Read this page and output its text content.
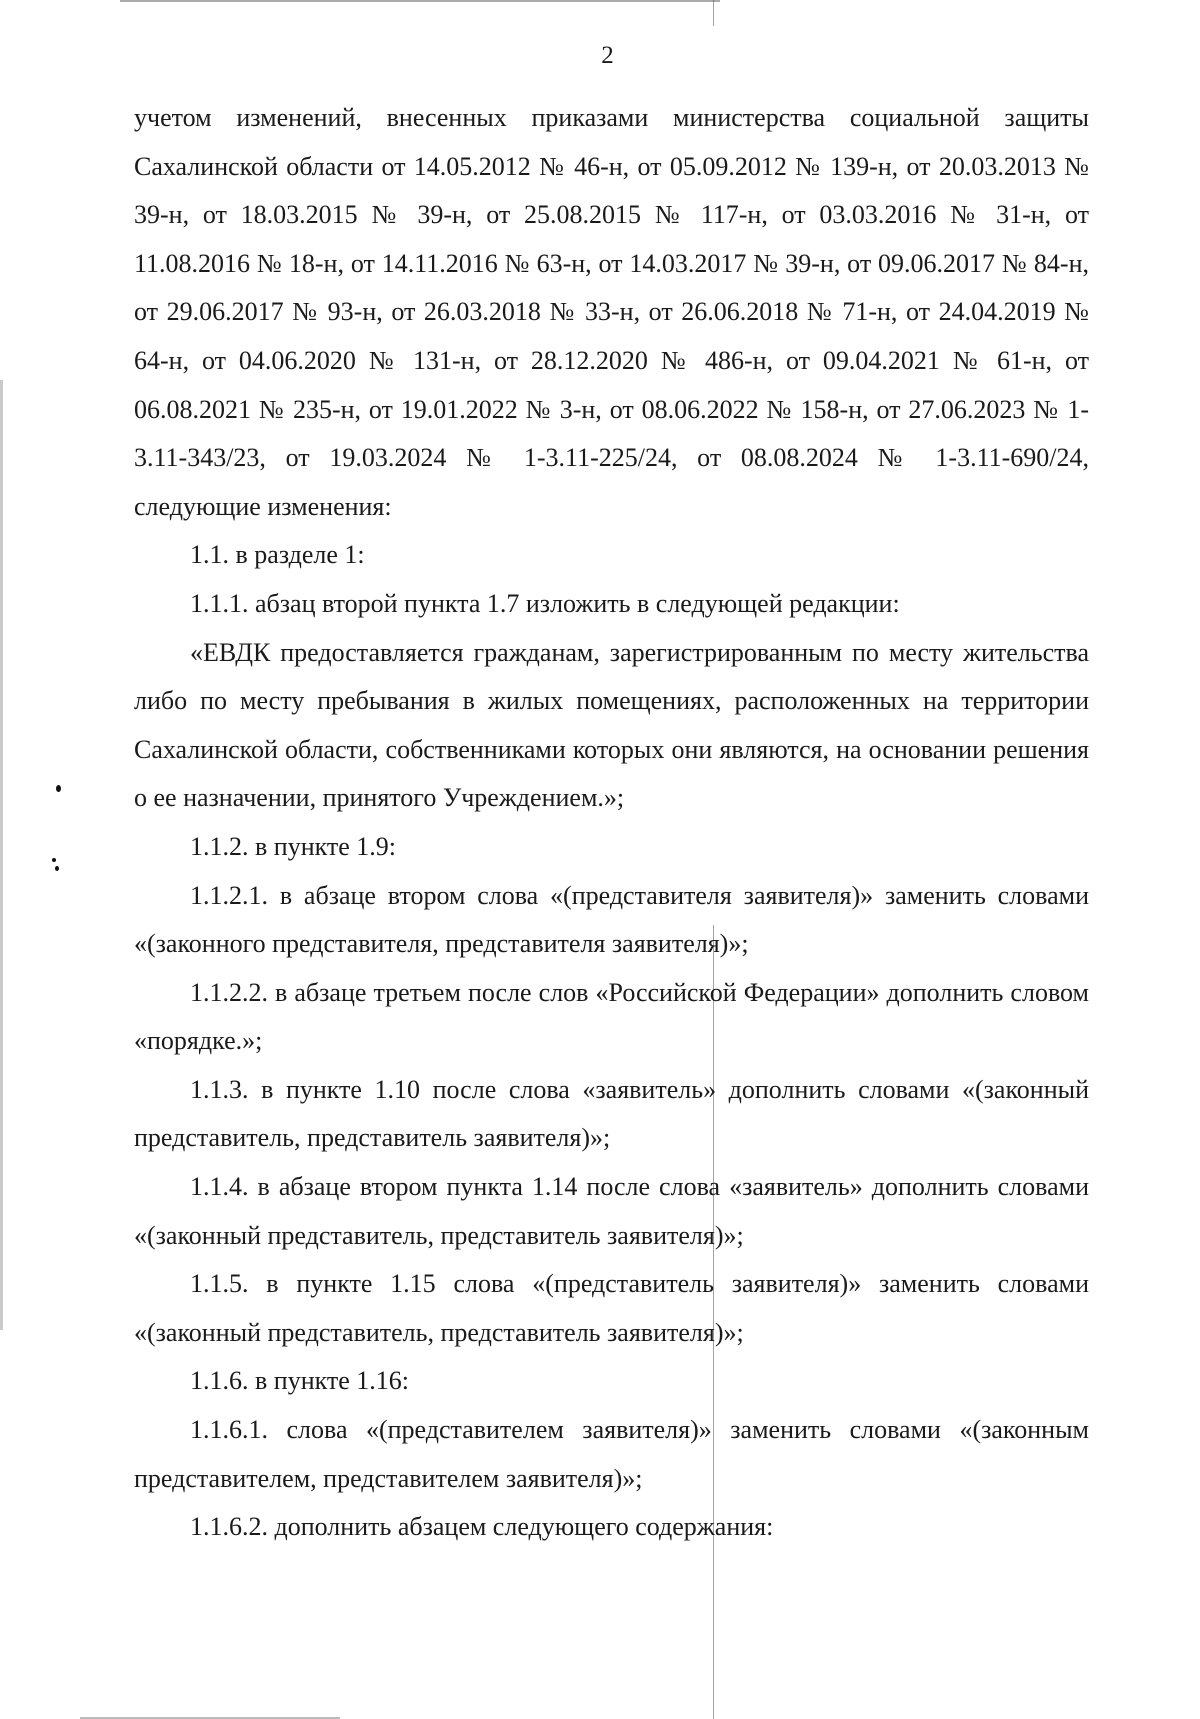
2

учетом изменений, внесенных приказами министерства социальной защиты Сахалинской области от 14.05.2012 № 46-н, от 05.09.2012 № 139-н, от 20.03.2013 № 39-н, от 18.03.2015 № 39-н, от 25.08.2015 № 117-н, от 03.03.2016 № 31-н, от 11.08.2016 № 18-н, от 14.11.2016 № 63-н, от 14.03.2017 № 39-н, от 09.06.2017 № 84-н, от 29.06.2017 № 93-н, от 26.03.2018 № 33-н, от 26.06.2018 № 71-н, от 24.04.2019 № 64-н, от 04.06.2020 № 131-н, от 28.12.2020 № 486-н, от 09.04.2021 № 61-н, от 06.08.2021 № 235-н, от 19.01.2022 № 3-н, от 08.06.2022 № 158-н, от 27.06.2023 № 1-3.11-343/23, от 19.03.2024 № 1-3.11-225/24, от 08.08.2024 № 1-3.11-690/24, следующие изменения:

1.1. в разделе 1:

1.1.1. абзац второй пункта 1.7 изложить в следующей редакции:

«ЕВДК предоставляется гражданам, зарегистрированным по месту жительства либо по месту пребывания в жилых помещениях, расположенных на территории Сахалинской области, собственниками которых они являются, на основании решения о ее назначении, принятого Учреждением.»;

1.1.2. в пункте 1.9:

1.1.2.1. в абзаце втором слова «(представителя заявителя)» заменить словами «(законного представителя, представителя заявителя)»;

1.1.2.2. в абзаце третьем после слов «Российской Федерации» дополнить словом «порядке.»;

1.1.3. в пункте 1.10 после слова «заявитель» дополнить словами «(законный представитель, представитель заявителя)»;

1.1.4. в абзаце втором пункта 1.14 после слова «заявитель» дополнить словами «(законный представитель, представитель заявителя)»;

1.1.5. в пункте 1.15 слова «(представитель заявителя)» заменить словами «(законный представитель, представитель заявителя)»;

1.1.6. в пункте 1.16:

1.1.6.1. слова «(представителем заявителя)» заменить словами «(законным представителем, представителем заявителя)»;

1.1.6.2. дополнить абзацем следующего содержания:
